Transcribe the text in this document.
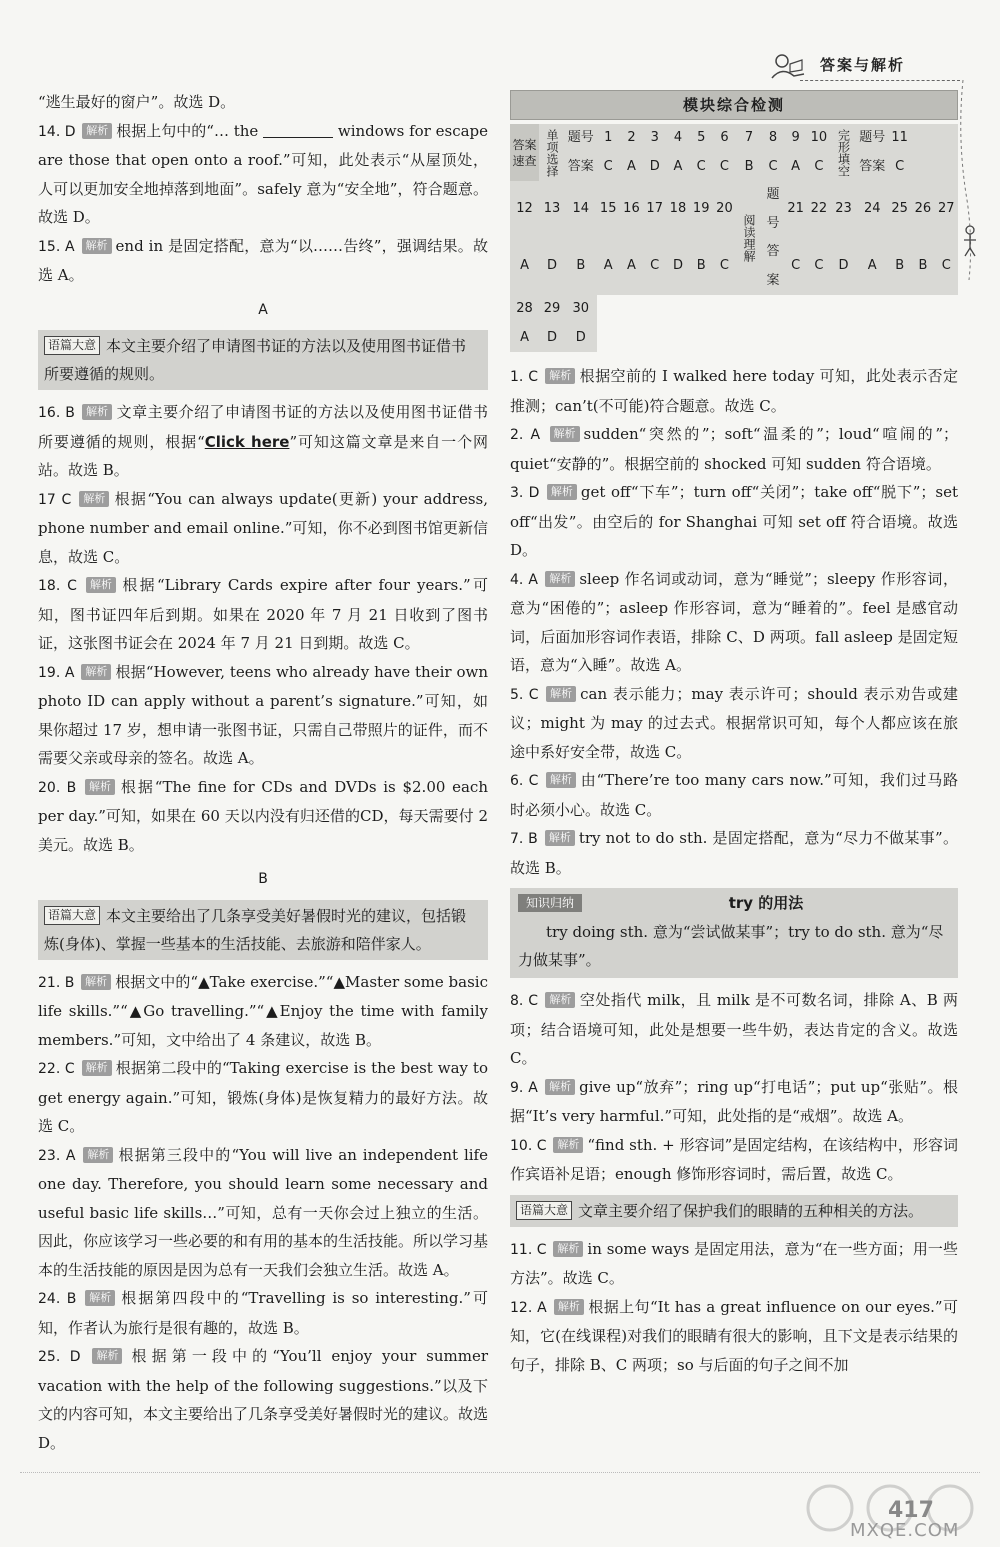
答案与解析
“逃生最好的窗户”。故选 D。
14. D 解析 根据上句中的“… the	windows for escape are those that open onto a roof.”可知，此处表示“从屋顶处，人可以更加安全地掉落到地面”。safely 意为“安全地”，符合题意。故选 D。
15. A 解析 end in 是固定搭配，意为“以……告终”，强调结果。故选 A。
A
语篇大意 本文主要介绍了申请图书证的方法以及使用图书证借书所要遵循的规则。
16. B 解析 文章主要介绍了申请图书证的方法以及使用图书证借书所要遵循的规则，根据“Click here”可知这篇文章是来自一个网站。故选 B。
17 C 解析 根据“You can always update(更新) your address, phone number and email online.”可知，你不必到图书馆更新信息，故选 C。
18. C 解析 根据“Library Cards expire after four years.”可知，图书证四年后到期。如果在 2020 年 7 月 21 日收到了图书证，这张图书证会在 2024 年 7 月 21 日到期。故选 C。
19. A 解析 根据“However, teens who already have their own photo ID can apply without a parent’s signature.”可知，如果你超过 17 岁，想申请一张图书证，只需自己带照片的证件，而不需要父亲或母亲的签名。故选 A。
20. B 解析 根据“The fine for CDs and DVDs is $2.00 each per day.”可知，如果在 60 天以内没有归还借的CD，每天需要付 2 美元。故选 B。
B
语篇大意 本文主要给出了几条享受美好暑假时光的建议，包括锻炼(身体)、掌握一些基本的生活技能、去旅游和陪伴家人。
21. B 解析 根据文中的“▲Take exercise.”“▲Master some basic life skills.”“▲Go travelling.”“▲Enjoy the time with family members.”可知，文中给出了 4 条建议，故选 B。
22. C 解析 根据第二段中的“Taking exercise is the best way to get energy again.”可知，锻炼(身体)是恢复精力的最好方法。故选 C。
23. A 解析 根据第三段中的“You will live an independent life one day. Therefore, you should learn some necessary and useful basic life skills…”可知，总有一天你会过上独立的生活。因此，你应该学习一些必要的和有用的基本的生活技能。所以学习基本的生活技能的原因是因为总有一天我们会独立生活。故选 A。
24. B 解析 根据第四段中的“Travelling is so interesting.”可知，作者认为旅行是很有趣的，故选 B。
25. D 解析 根据第一段中的“You’ll enjoy your summer vacation with the help of the following suggestions.”以及下文的内容可知，本文主要给出了几条享受美好暑假时光的建议。故选 D。
模块综合检测
答案速查	单项选择	题号	1	2	3	4	5	6	7	8	9	10	完形填空	题号	11		
		答案	C	A	D	A	C	C	B	C	A	C		答案	C		
12	13	14	15	16	17	18	19	20	阅读理解	题号	21	22	23	24	25	26	27
A	D	B	A	A	C	D	B	C		答案	C	C	D	A	B	B	C
28	29	30															
A	D	D															
1. C 解析 根据空前的 I walked here today 可知，此处表示否定推测；can’t(不可能)符合题意。故选 C。
2. A 解析 sudden“突然的”；soft“温柔的”；loud“喧闹的”；quiet“安静的”。根据空前的 shocked 可知 sudden 符合语境。
3. D 解析 get off“下车”；turn off“关闭”；take off“脱下”；set off“出发”。由空后的 for Shanghai 可知 set off 符合语境。故选 D。
4. A 解析 sleep 作名词或动词，意为“睡觉”；sleepy 作形容词，意为“困倦的”；asleep 作形容词，意为“睡着的”。feel 是感官动词，后面加形容词作表语，排除 C、D 两项。fall asleep 是固定短语，意为“入睡”。故选 A。
5. C 解析 can 表示能力；may 表示许可；should 表示劝告或建议；might 为 may 的过去式。根据常识可知，每个人都应该在旅途中系好安全带，故选 C。
6. C 解析 由“There’re too many cars now.”可知，我们过马路时必须小心。故选 C。
7. B 解析 try not to do sth. 是固定搭配，意为“尽力不做某事”。故选 B。
知识归纳	try 的用法
try doing sth. 意为“尝试做某事”；try to do sth. 意为“尽力做某事”。
8. C 解析 空处指代 milk，且 milk 是不可数名词，排除 A、B 两项；结合语境可知，此处是想要一些牛奶，表达肯定的含义。故选 C。
9. A 解析 give up“放弃”；ring up“打电话”；put up“张贴”。根据“It’s very harmful.”可知，此处指的是“戒烟”。故选 A。
10. C 解析 “find sth. + 形容词”是固定结构，在该结构中，形容词作宾语补足语；enough 修饰形容词时，需后置，故选 C。
语篇大意 文章主要介绍了保护我们的眼睛的五种相关的方法。
11. C 解析 in some ways 是固定用法，意为“在一些方面；用一些方法”。故选 C。
12. A 解析 根据上句“It has a great influence on our eyes.”可知，它(在线课程)对我们的眼睛有很大的影响，且下文是表示结果的句子，排除 B、C 两项；so 与后面的句子之间不加
417
MXQE.COM
